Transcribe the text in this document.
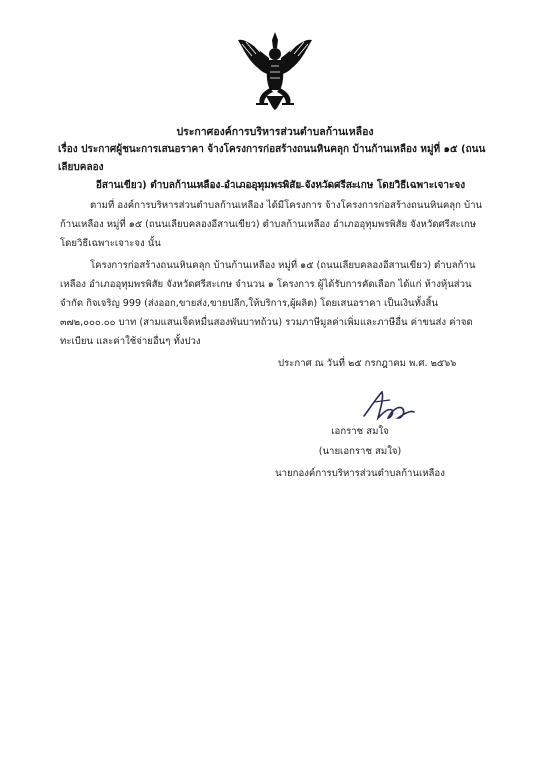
ประกาศองค์การบริหารส่วนตำบลก้านเหลือง
เรื่อง ประกาศผู้ชนะการเสนอราคา จ้างโครงการก่อสร้างถนนหินคลุก บ้านก้านเหลือง หมู่ที่ ๑๕ (ถนนเลียบคลอง
อีสานเขียว) ตำบลก้านเหลือง อำเภออุทุมพรพิสัย จังหวัดศรีสะเกษ โดยวิธีเฉพาะเจาะจง
ตามที่ องค์การบริหารส่วนตำบลก้านเหลือง ได้มีโครงการ จ้างโครงการก่อสร้างถนนหินคลุก บ้านก้านเหลือง หมู่ที่ ๑๕ (ถนนเลียบคลองอีสานเขียว) ตำบลก้านเหลือง อำเภออุทุมพรพิสัย จังหวัดศรีสะเกษ โดยวิธีเฉพาะเจาะจง นั้น
โครงการก่อสร้างถนนหินคลุก บ้านก้านเหลือง หมู่ที่ ๑๕ (ถนนเลียบคลองอีสานเขียว) ตำบลก้านเหลือง อำเภออุทุมพรพิสัย จังหวัดศรีสะเกษ จำนวน ๑ โครงการ ผู้ได้รับการคัดเลือก ได้แก่ ห้างหุ้นส่วนจำกัด กิจเจริญ 999 (ส่งออก,ขายส่ง,ขายปลีก,ให้บริการ,ผู้ผลิต) โดยเสนอราคา เป็นเงินทั้งสิ้น ๓๗๒,๐๐๐.๐๐ บาท (สามแสนเจ็ดหมื่นสองพันบาทถ้วน) รวมภาษีมูลค่าเพิ่มและภาษีอื่น ค่าขนส่ง ค่าจดทะเบียน และค่าใช้จ่ายอื่นๆ ทั้งปวง
ประกาศ ณ วันที่ ๒๕ กรกฎาคม พ.ศ. ๒๕๖๖
เอกราช สมใจ
(นายเอกราช สมใจ)
นายกองค์การบริหารส่วนตำบลก้านเหลือง
